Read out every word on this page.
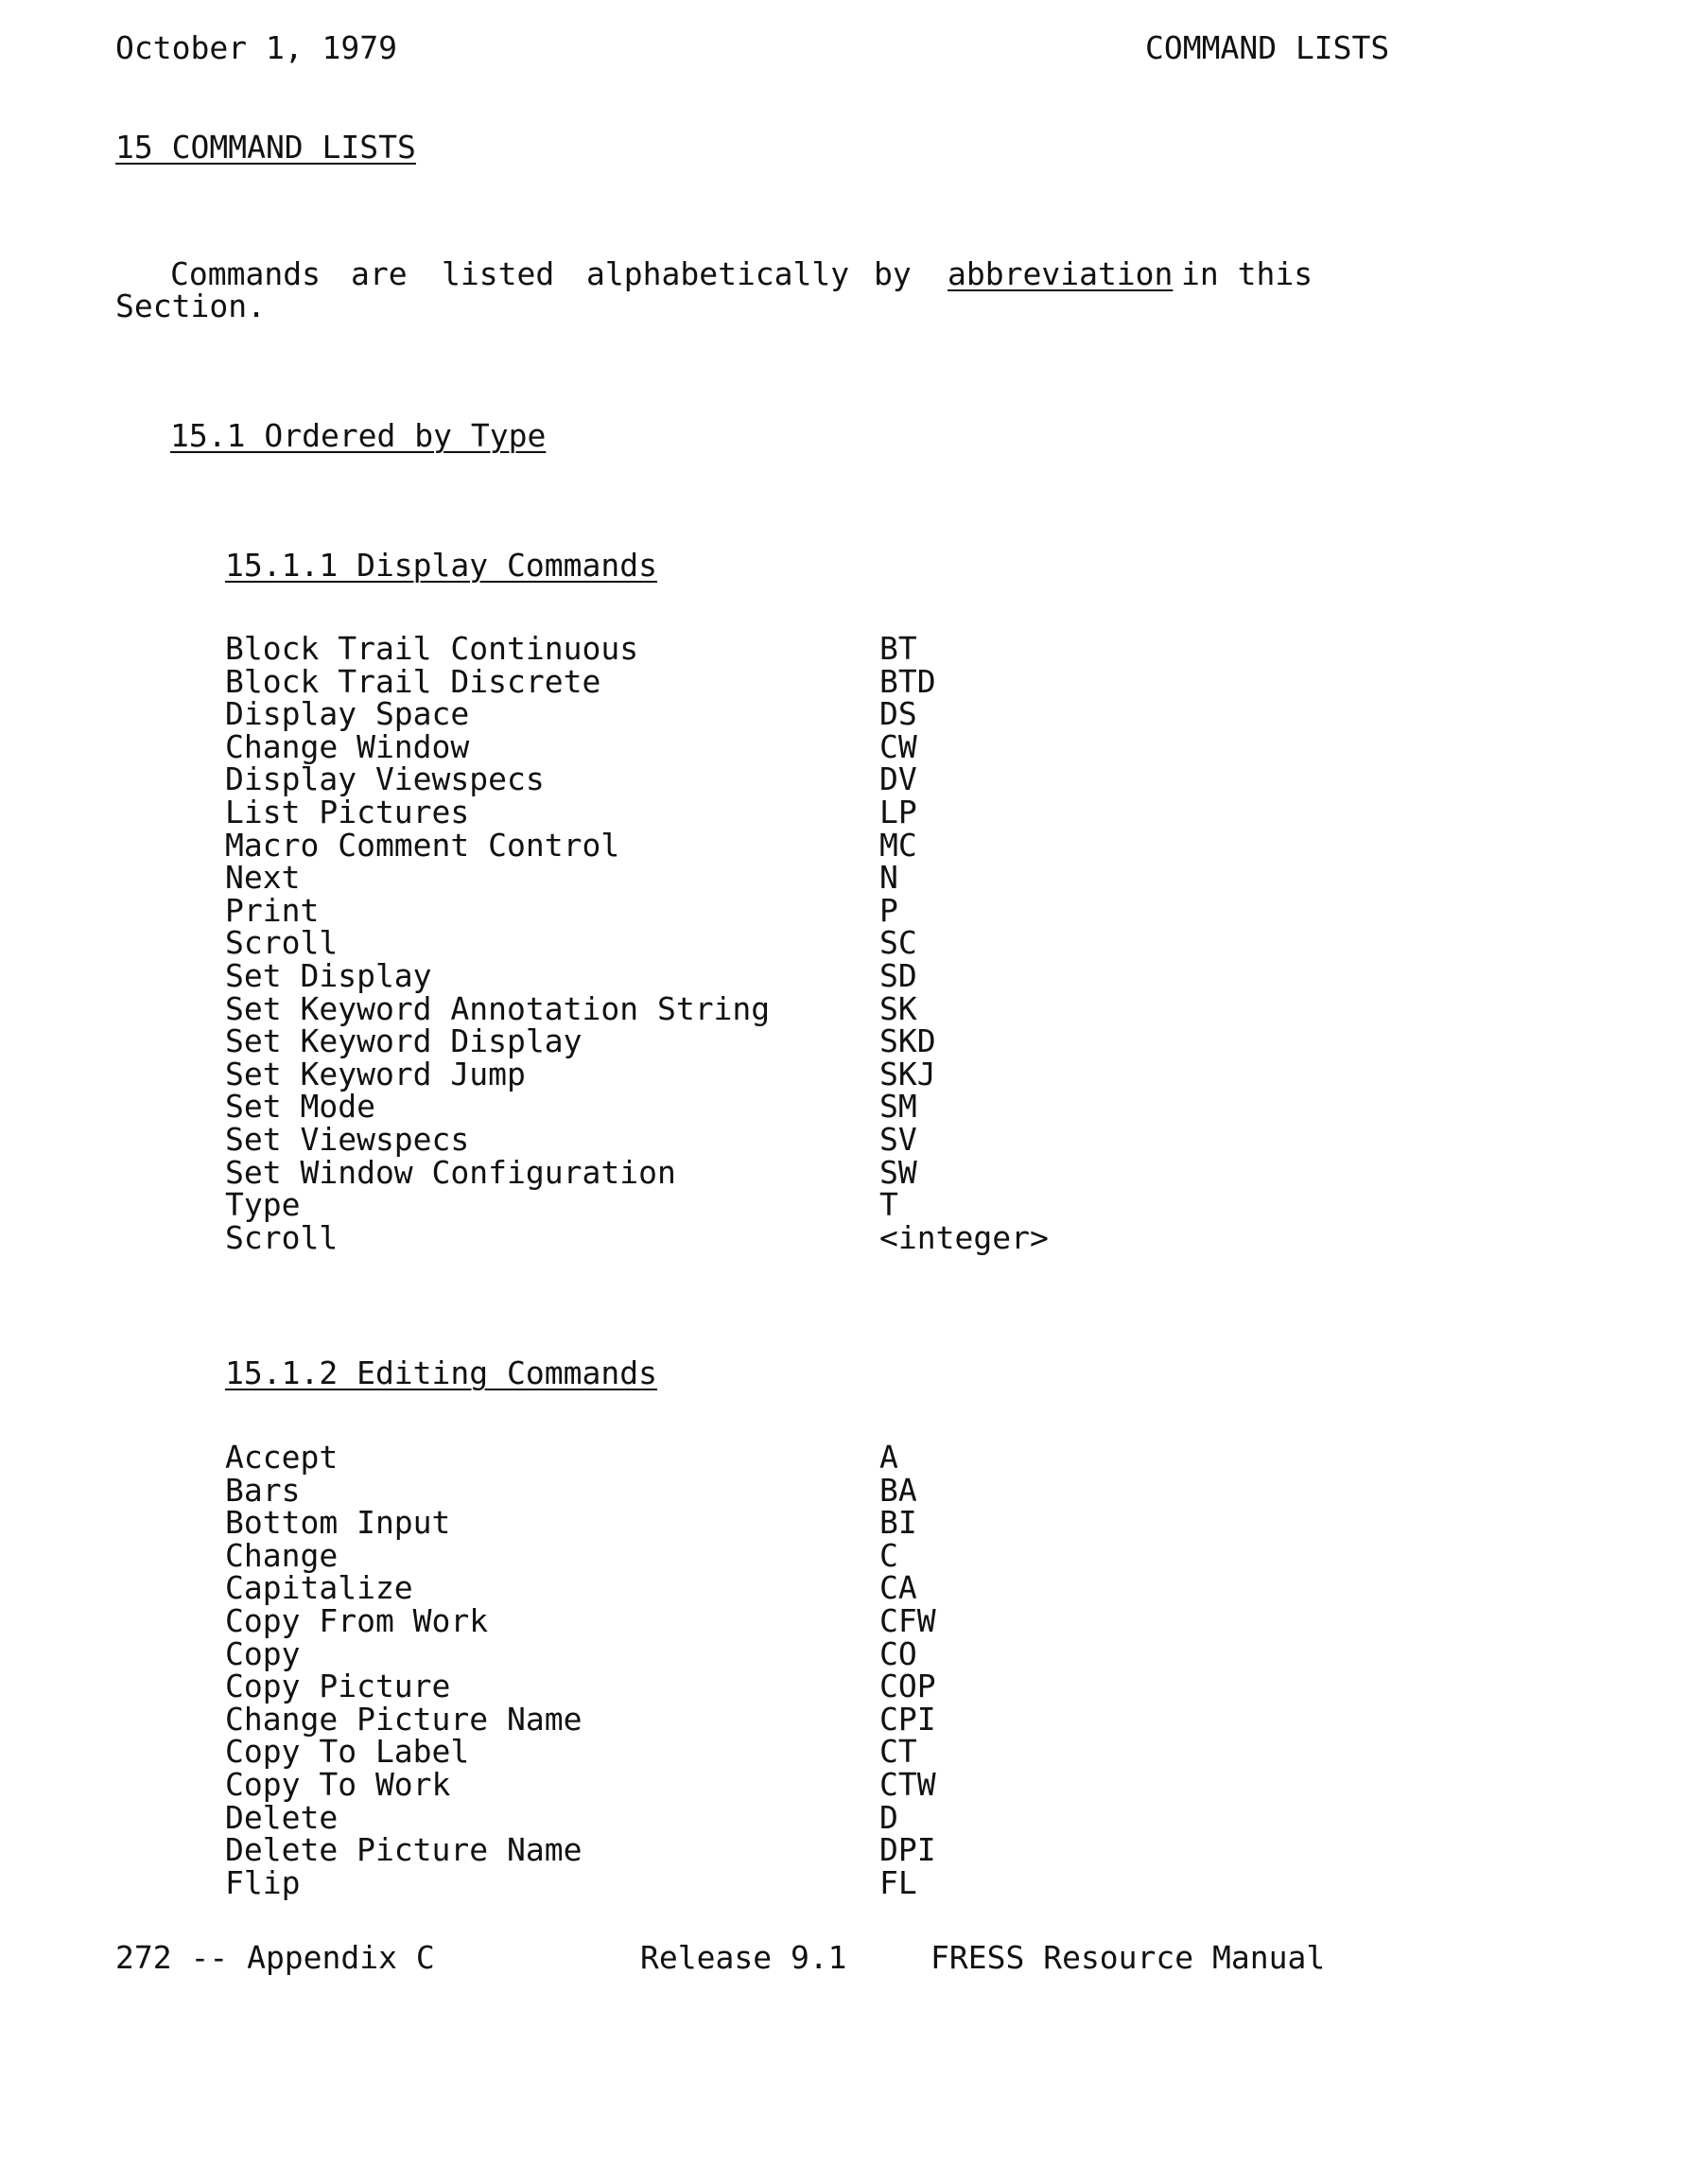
October 1, 1979	COMMAND LISTS
15 COMMAND LISTS
Commands are listed alphabetically by abbreviation in this
Section.
15.1 Ordered by Type
15.1.1 Display Commands
Block Trail Continuous	BT
Block Trail Discrete	BTD
Display Space	DS
Change Window	CW
Display Viewspecs	DV
List Pictures	LP
Macro Comment Control	MC
Next	N
Print	P
Scroll	SC
Set Display	SD
Set Keyword Annotation String	SK
Set Keyword Display	SKD
Set Keyword Jump	SKJ
Set Mode	SM
Set Viewspecs	SV
Set Window Configuration	SW
Type	T
Scroll	<integer>
15.1.2 Editing Commands
Accept	A
Bars	BA
Bottom Input	BI
Change	C
Capitalize	CA
Copy From Work	CFW
Copy	CO
Copy Picture	COP
Change Picture Name	CPI
Copy To Label	CT
Copy To Work	CTW
Delete	D
Delete Picture Name	DPI
Flip	FL
272 -- Appendix C	Release 9.1	FRESS Resource Manual
